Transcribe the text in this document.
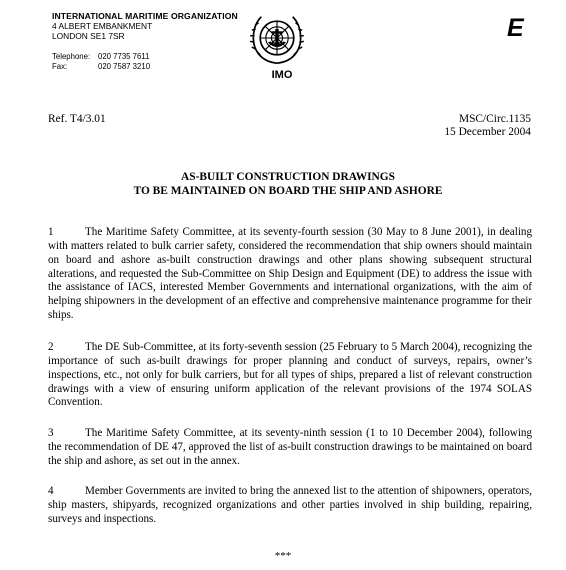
INTERNATIONAL MARITIME ORGANIZATION
4 ALBERT EMBANKMENT
LONDON SE1 7SR
Telephone: 020 7735 7611
Fax:	020 7587 3210
IMO
E
Ref. T4/3.01	MSC/Circ.1135
15 December 2004
AS-BUILT CONSTRUCTION DRAWINGS
TO BE MAINTAINED ON BOARD THE SHIP AND ASHORE
1	The Maritime Safety Committee, at its seventy-fourth session (30 May to 8 June 2001), in dealing with matters related to bulk carrier safety, considered the recommendation that ship owners should maintain on board and ashore as-built construction drawings and other plans showing subsequent structural alterations, and requested the Sub-Committee on Ship Design and Equipment (DE) to address the issue with the assistance of IACS, interested Member Governments and international organizations, with the aim of helping shipowners in the development of an effective and comprehensive maintenance programme for their ships.
2	The DE Sub-Committee, at its forty-seventh session (25 February to 5 March 2004), recognizing the importance of such as-built drawings for proper planning and conduct of surveys, repairs, owner’s inspections, etc., not only for bulk carriers, but for all types of ships, prepared a list of relevant construction drawings with a view of ensuring uniform application of the relevant provisions of the 1974 SOLAS Convention.
3	The Maritime Safety Committee, at its seventy-ninth session (1 to 10 December 2004), following the recommendation of DE 47, approved the list of as-built construction drawings to be maintained on board the ship and ashore, as set out in the annex.
4	Member Governments are invited to bring the annexed list to the attention of shipowners, operators, ship masters, shipyards, recognized organizations and other parties involved in ship building, repairing, surveys and inspections.
***
